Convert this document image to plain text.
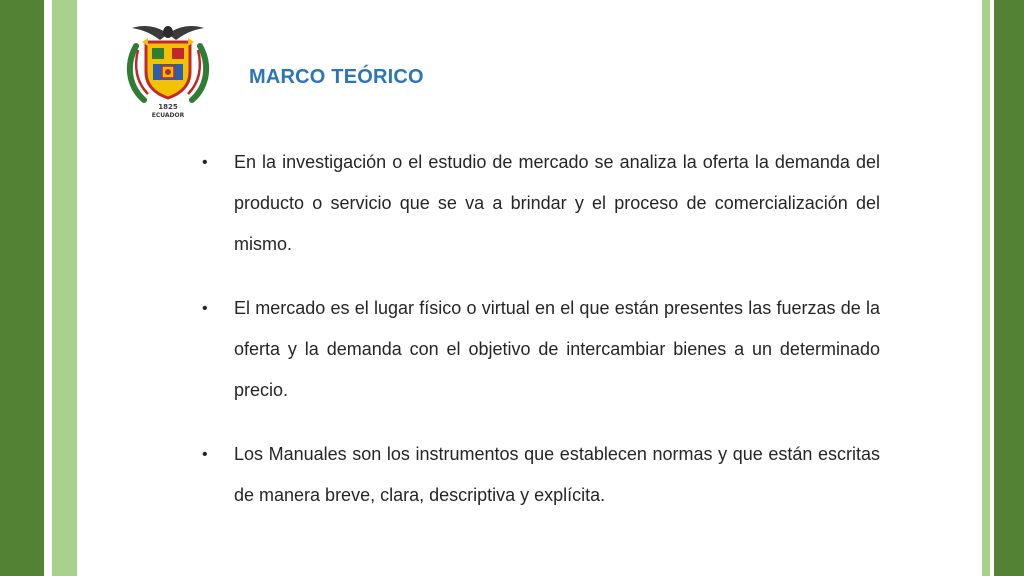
1825
ECUADOR
MARCO TEÓRICO
• En la investigación o el estudio de mercado se analiza la oferta la demanda del producto o servicio que se va a brindar y el proceso de comercialización del mismo.
• El mercado es el lugar físico o virtual en el que están presentes las fuerzas de la oferta y la demanda con el objetivo de intercambiar bienes a un determinado precio.
• Los Manuales son los instrumentos que establecen normas y que están escritas de manera breve, clara, descriptiva y explícita.
